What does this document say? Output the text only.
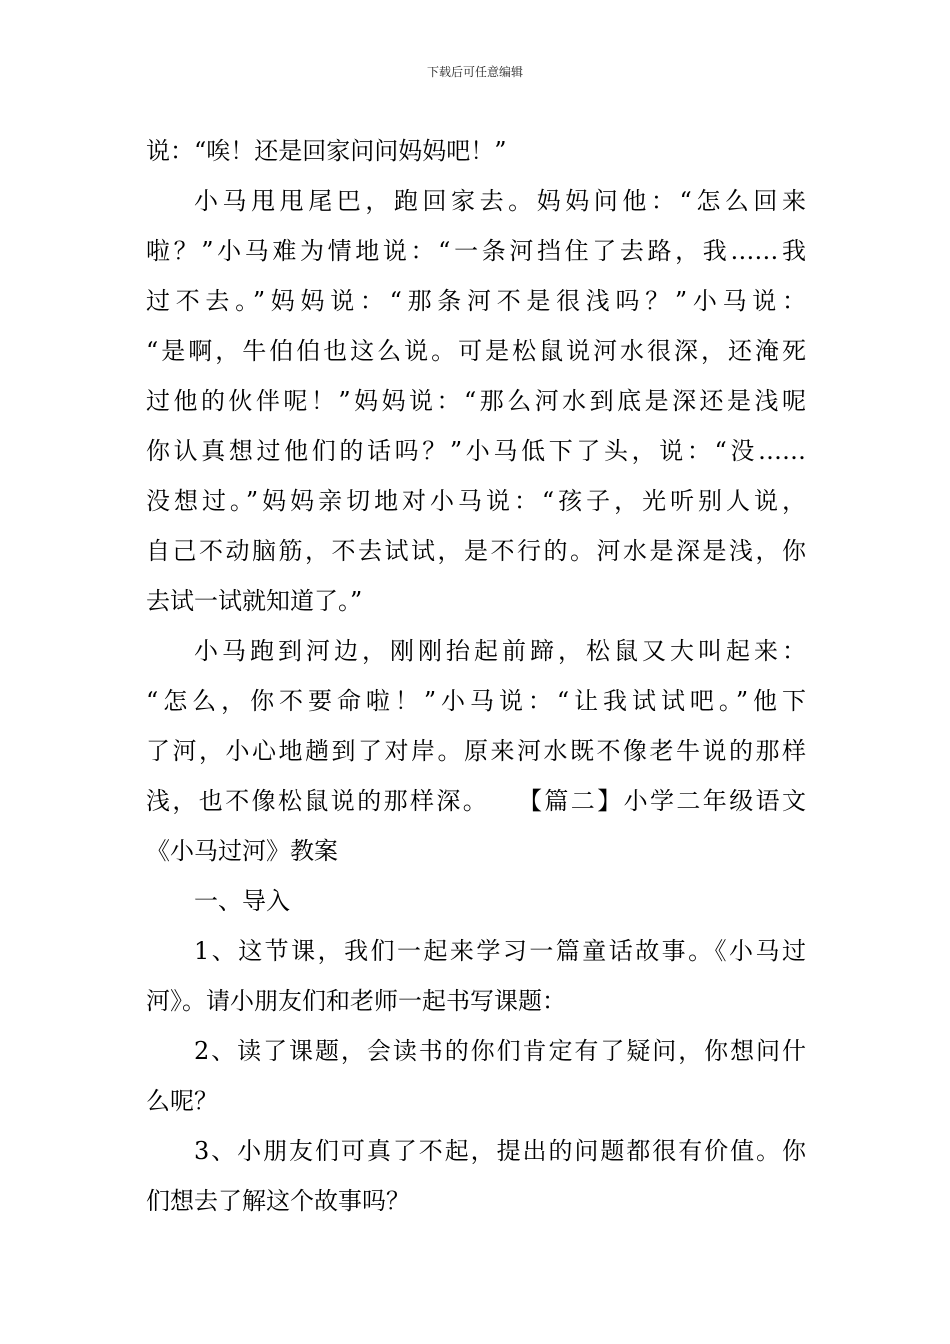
下载后可任意编辑
说：“唉！还是回家问问妈妈吧！”
小马甩甩尾巴，跑回家去。妈妈问他：“怎么回来
啦？”小马难为情地说：“一条河挡住了去路，我……我
过不去。”妈妈说：“那条河不是很浅吗？”小马说：
“是啊，牛伯伯也这么说。可是松鼠说河水很深，还淹死
过他的伙伴呢！”妈妈说：“那么河水到底是深还是浅呢
你认真想过他们的话吗？”小马低下了头，说：“没……
没想过。”妈妈亲切地对小马说：“孩子，光听别人说，
自己不动脑筋，不去试试，是不行的。河水是深是浅，你
去试一试就知道了。”
小马跑到河边，刚刚抬起前蹄，松鼠又大叫起来：
“怎么，你不要命啦！”小马说：“让我试试吧。”他下
了河，小心地趟到了对岸。原来河水既不像老牛说的那样
浅，也不像松鼠说的那样深。　　【篇二】小学二年级语文
《小马过河》教案
一、导入
1、这节课，我们一起来学习一篇童话故事。《小马过
河》。请小朋友们和老师一起书写课题：
2、读了课题，会读书的你们肯定有了疑问，你想问什
么呢？
3、小朋友们可真了不起，提出的问题都很有价值。你
们想去了解这个故事吗？
